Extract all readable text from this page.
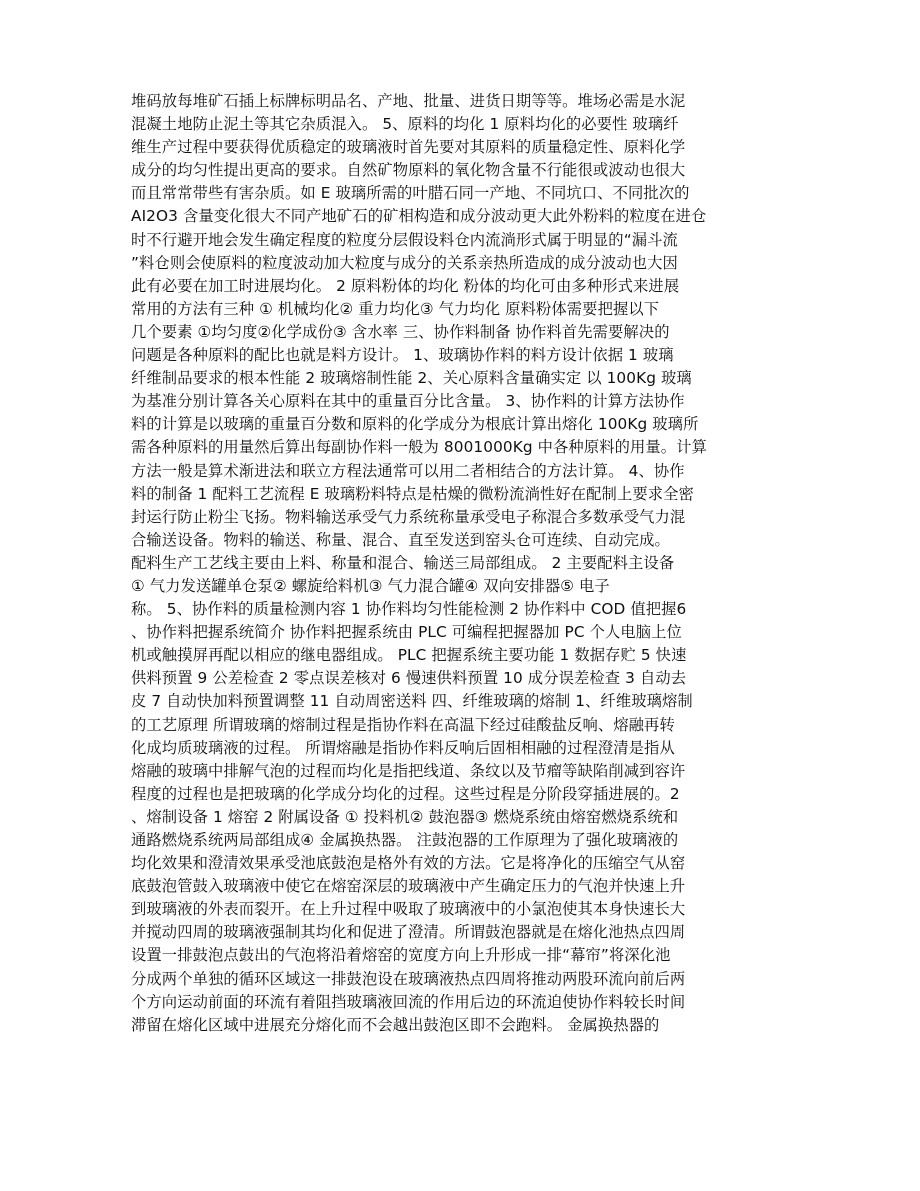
堆码放每堆矿石插上标牌标明品名、产地、批量、进货日期等等。堆场必需是水泥
混凝土地防止泥土等其它杂质混入。 5、原料的均化 1 原料均化的必要性 玻璃纤
维生产过程中要获得优质稳定的玻璃液时首先要对其原料的质量稳定性、原料化学
成分的均匀性提出更高的要求。自然矿物原料的氧化物含量不行能很或波动也很大
而且常常带些有害杂质。如 E 玻璃所需的叶腊石同一产地、不同坑口、不同批次的
AI2O3 含量变化很大不同产地矿石的矿相构造和成分波动更大此外粉料的粒度在进仓
时不行避开地会发生确定程度的粒度分层假设料仓内流淌形式属于明显的“漏斗流
”料仓则会使原料的粒度波动加大粒度与成分的关系亲热所造成的成分波动也大因
此有必要在加工时进展均化。 2 原料粉体的均化 粉体的均化可由多种形式来进展
常用的方法有三种 ① 机械均化② 重力均化③ 气力均化 原料粉体需要把握以下
几个要素 ①均匀度②化学成份③ 含水率 三、协作料制备 协作料首先需要解决的
问题是各种原料的配比也就是料方设计。 1、玻璃协作料的料方设计依据 1 玻璃
纤维制品要求的根本性能 2 玻璃熔制性能 2、关心原料含量确实定 以 100Kg 玻璃
为基准分别计算各关心原料在其中的重量百分比含量。 3、协作料的计算方法协作
料的计算是以玻璃的重量百分数和原料的化学成分为根底计算出熔化 100Kg 玻璃所
需各种原料的用量然后算出每副协作料一般为 8001000Kg 中各种原料的用量。计算
方法一般是算术渐进法和联立方程法通常可以用二者相结合的方法计算。 4、协作
料的制备 1 配料工艺流程 E 玻璃粉料特点是枯燥的微粉流淌性好在配制上要求全密
封运行防止粉尘飞扬。物料输送承受气力系统称量承受电子称混合多数承受气力混
合输送设备。物料的输送、称量、混合、直至发送到窑头仓可连续、自动完成。
配料生产工艺线主要由上料、称量和混合、输送三局部组成。 2 主要配料主设备
① 气力发送罐单仓泵② 螺旋给料机③ 气力混合罐④ 双向安排器⑤ 电子
称。 5、协作料的质量检测内容 1 协作料均匀性能检测 2 协作料中 COD 值把握6
、协作料把握系统简介 协作料把握系统由 PLC 可编程把握器加 PC 个人电脑上位
机或触摸屏再配以相应的继电器组成。 PLC 把握系统主要功能 1 数据存贮 5 快速
供料预置 9 公差检查 2 零点误差核对 6 慢速供料预置 10 成分误差检查 3 自动去
皮 7 自动快加料预置调整 11 自动周密送料 四、纤维玻璃的熔制 1、纤维玻璃熔制
的工艺原理 所谓玻璃的熔制过程是指协作料在高温下经过硅酸盐反响、熔融再转
化成均质玻璃液的过程。 所谓熔融是指协作料反响后固相相融的过程澄清是指从
熔融的玻璃中排解气泡的过程而均化是指把线道、条纹以及节瘤等缺陷削减到容许
程度的过程也是把玻璃的化学成分均化的过程。这些过程是分阶段穿插进展的。2
、熔制设备 1 熔窑 2 附属设备 ① 投料机② 鼓泡器③ 燃烧系统由熔窑燃烧系统和
通路燃烧系统两局部组成④ 金属换热器。 注鼓泡器的工作原理为了强化玻璃液的
均化效果和澄清效果承受池底鼓泡是格外有效的方法。它是将净化的压缩空气从窑
底鼓泡管鼓入玻璃液中使它在熔窑深层的玻璃液中产生确定压力的气泡并快速上升
到玻璃液的外表而裂开。在上升过程中吸取了玻璃液中的小氯泡使其本身快速长大
并搅动四周的玻璃液强制其均化和促进了澄清。所谓鼓泡器就是在熔化池热点四周
设置一排鼓泡点鼓出的气泡将沿着熔窑的宽度方向上升形成一排“幕帘”将深化池
分成两个单独的循环区域这一排鼓泡设在玻璃液热点四周将推动两股环流向前后两
个方向运动前面的环流有着阻挡玻璃液回流的作用后边的环流迫使协作料较长时间
滞留在熔化区域中进展充分熔化而不会越出鼓泡区即不会跑料。 金属换热器的
